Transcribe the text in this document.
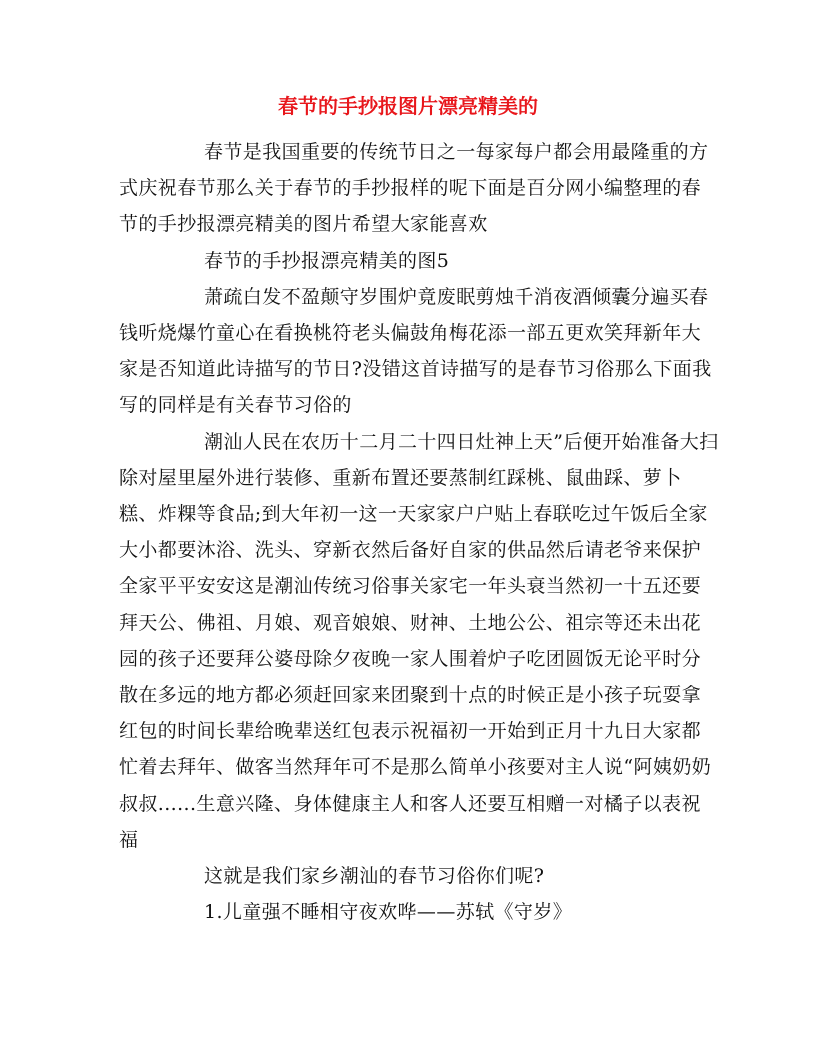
春节的手抄报图片漂亮精美的

春节是我国重要的传统节日之一每家每户都会用最隆重的方式庆祝春节那么关于春节的手抄报样的呢下面是百分网小编整理的春节的手抄报漂亮精美的图片希望大家能喜欢

春节的手抄报漂亮精美的图5

萧疏白发不盈颠守岁围炉竟废眠剪烛千消夜酒倾囊分遍买春钱听烧爆竹童心在看换桃符老头偏鼓角梅花添一部五更欢笑拜新年大家是否知道此诗描写的节日?没错这首诗描写的是春节习俗那么下面我写的同样是有关春节习俗的

潮汕人民在农历十二月二十四日灶神上天”后便开始准备大扫除对屋里屋外进行装修、重新布置还要蒸制红踩桃、鼠曲踩、萝卜糕、炸粿等食品;到大年初一这一天家家户户贴上春联吃过午饭后全家大小都要沐浴、洗头、穿新衣然后备好自家的供品然后请老爷来保护全家平平安安这是潮汕传统习俗事关家宅一年头衰当然初一十五还要拜天公、佛祖、月娘、观音娘娘、财神、土地公公、祖宗等还未出花园的孩子还要拜公婆母除夕夜晚一家人围着炉子吃团圆饭无论平时分散在多远的地方都必须赶回家来团聚到十点的时候正是小孩子玩耍拿红包的时间长辈给晚辈送红包表示祝福初一开始到正月十九日大家都忙着去拜年、做客当然拜年可不是那么简单小孩要对主人说“阿姨奶奶叔叔......生意兴隆、身体健康主人和客人还要互相赠一对橘子以表祝福

这就是我们家乡潮汕的春节习俗你们呢?

1.儿童强不睡相守夜欢哗——苏轼《守岁》
